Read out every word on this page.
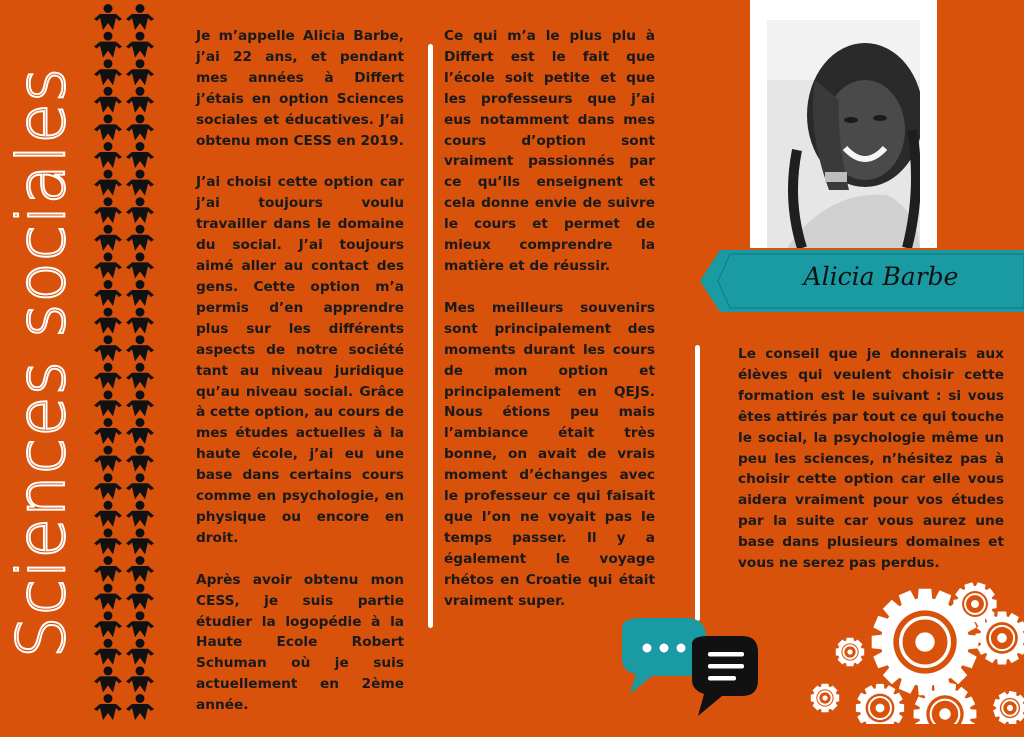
Sciences sociales

Je m’appelle Alicia Barbe, j’ai 22 ans, et pendant mes années à Differt j’étais en option Sciences sociales et éducatives. J’ai obtenu mon CESS en 2019.

J’ai choisi cette option car j’ai toujours voulu travailler dans le domaine du social. J’ai toujours aimé aller au contact des gens. Cette option m’a permis d’en apprendre plus sur les différents aspects de notre société tant au niveau juridique qu’au niveau social. Grâce à cette option, au cours de mes études actuelles à la haute école, j’ai eu une base dans certains cours comme en psychologie, en physique ou encore en droit.

Après avoir obtenu mon CESS, je suis partie étudier la logopédie à la Haute Ecole Robert Schuman où je suis actuellement en 2ème année.

Ce qui m’a le plus plu à Differt est le fait que l’école soit petite et que les professeurs que j’ai eus notamment dans mes cours d’option sont vraiment passionnés par ce qu’ils enseignent et cela donne envie de suivre le cours et permet de mieux comprendre la matière et de réussir.

Mes meilleurs souvenirs sont principalement des moments durant les cours de mon option et principalement en QEJS. Nous étions peu mais l’ambiance était très bonne, on avait de vrais moment d’échanges avec le professeur ce qui faisait que l’on ne voyait pas le temps passer. Il y a également le voyage rhétos en Croatie qui était vraiment super.

Alicia Barbe

Le conseil que je donnerais aux élèves qui veulent choisir cette formation est le suivant : si vous êtes attirés par tout ce qui touche le social, la psychologie même un peu les sciences, n’hésitez pas à choisir cette option car elle vous aidera vraiment pour vos études par la suite car vous aurez une base dans plusieurs domaines et vous ne serez pas perdus.
